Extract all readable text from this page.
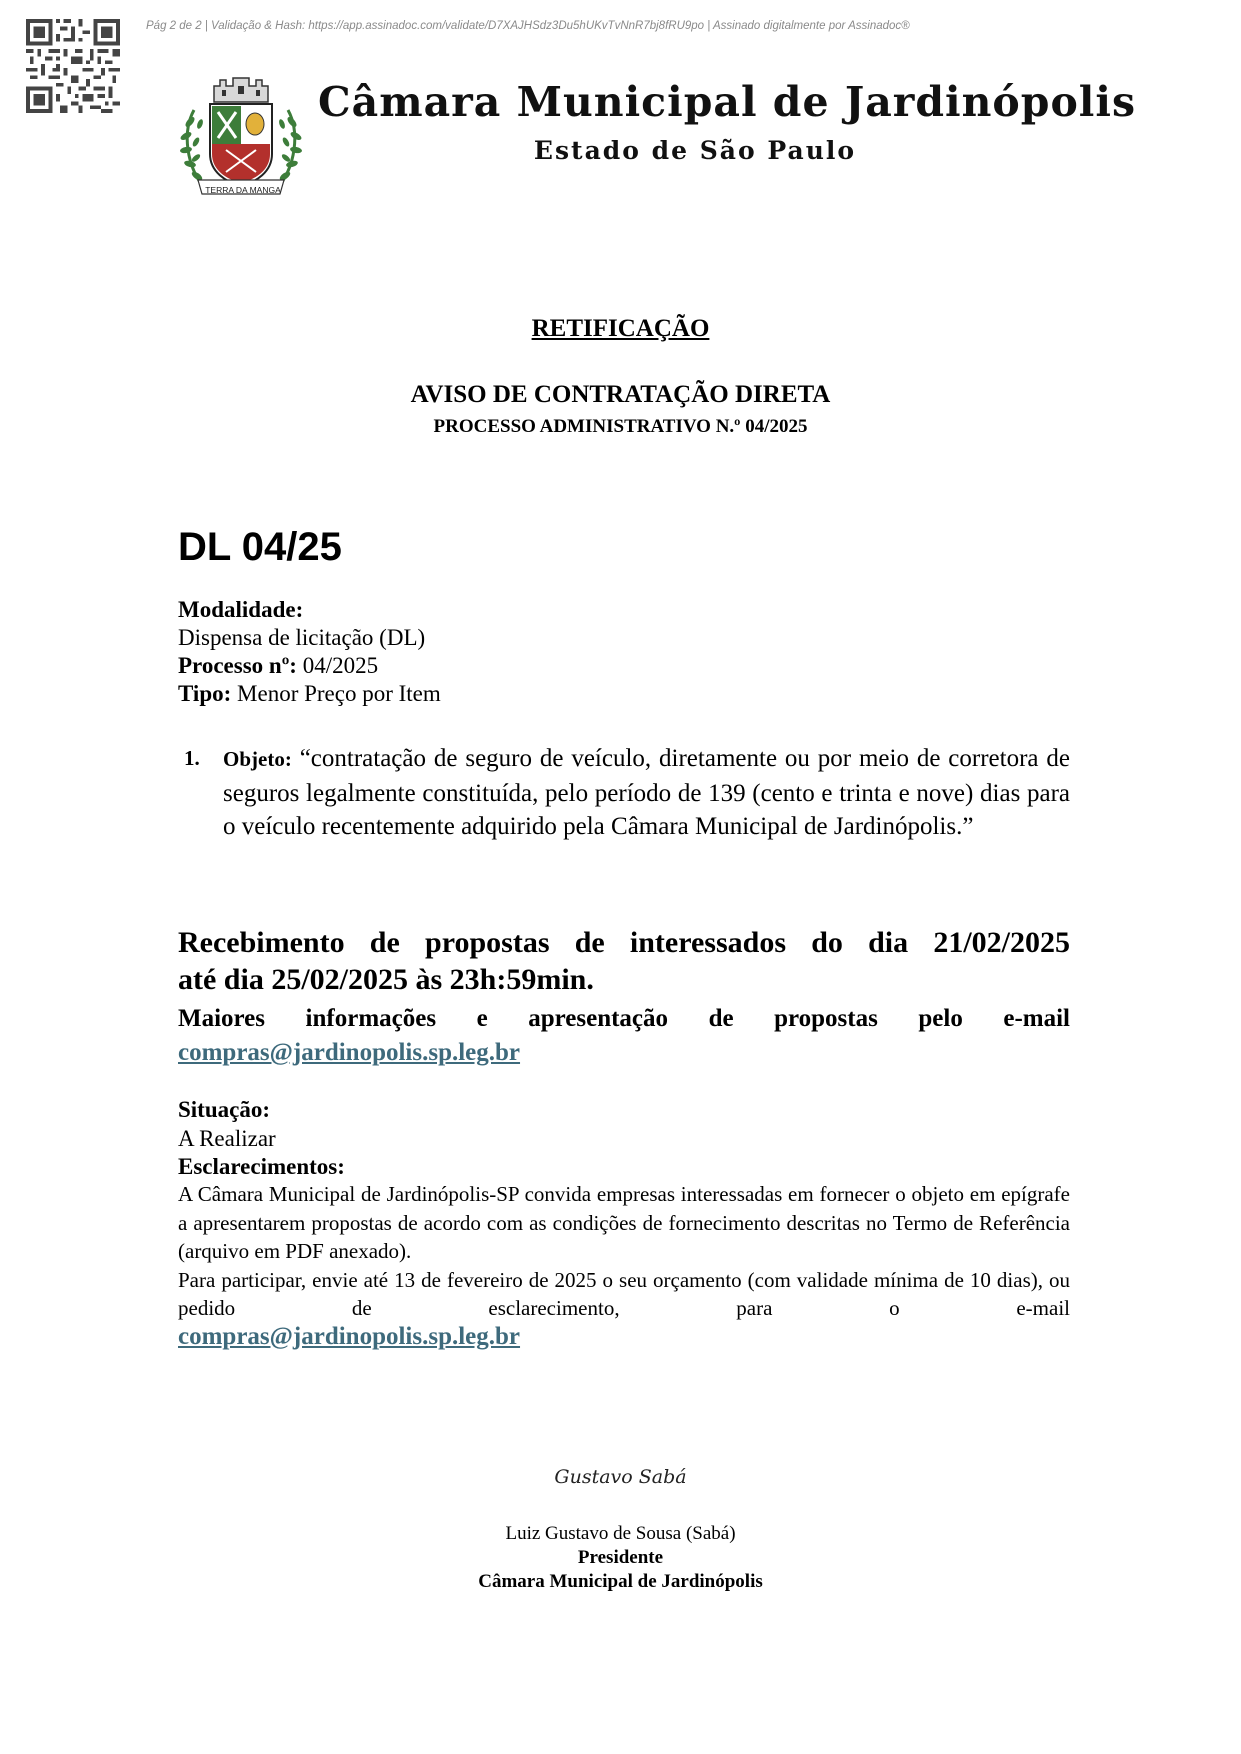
Pág 2 de 2 | Validação & Hash: https://app.assinadoc.com/validate/D7XAJHSdz3Du5hUKvTvNnR7bj8fRU9po | Assinado digitalmente por Assinadoc®
TERRA DA MANGA
Câmara Municipal de Jardinópolis
Estado de São Paulo
RETIFICAÇÃO
AVISO DE CONTRATAÇÃO DIRETA
PROCESSO ADMINISTRATIVO N.º 04/2025
DL 04/25
Modalidade:
Dispensa de licitação (DL)
Processo nº: 04/2025
Tipo: Menor Preço por Item
1. Objeto: “contratação de seguro de veículo, diretamente ou por meio de corretora de seguros legalmente constituída, pelo período de 139 (cento e trinta e nove) dias para o veículo recentemente adquirido pela Câmara Municipal de Jardinópolis.”

Recebimento de propostas de interessados do dia 21/02/2025

até dia 25/02/2025 às 23h:59min.

Maiores informações e apresentação de propostas pelo e-mail
compras@jardinopolis.sp.leg.br
Situação:
A Realizar
Esclarecimentos:

A Câmara Municipal de Jardinópolis-SP convida empresas interessadas em fornecer o objeto em epígrafe a apresentarem propostas de acordo com as condições de fornecimento descritas no Termo de Referência (arquivo em PDF anexado).

Para participar, envie até 13 de fevereiro de 2025 o seu orçamento (com validade mínima de 10 dias), ou pedido de esclarecimento, para o e-mail

compras@jardinopolis.sp.leg.br
Gustavo Sabá
Luiz Gustavo de Sousa (Sabá)
Presidente
Câmara Municipal de Jardinópolis
